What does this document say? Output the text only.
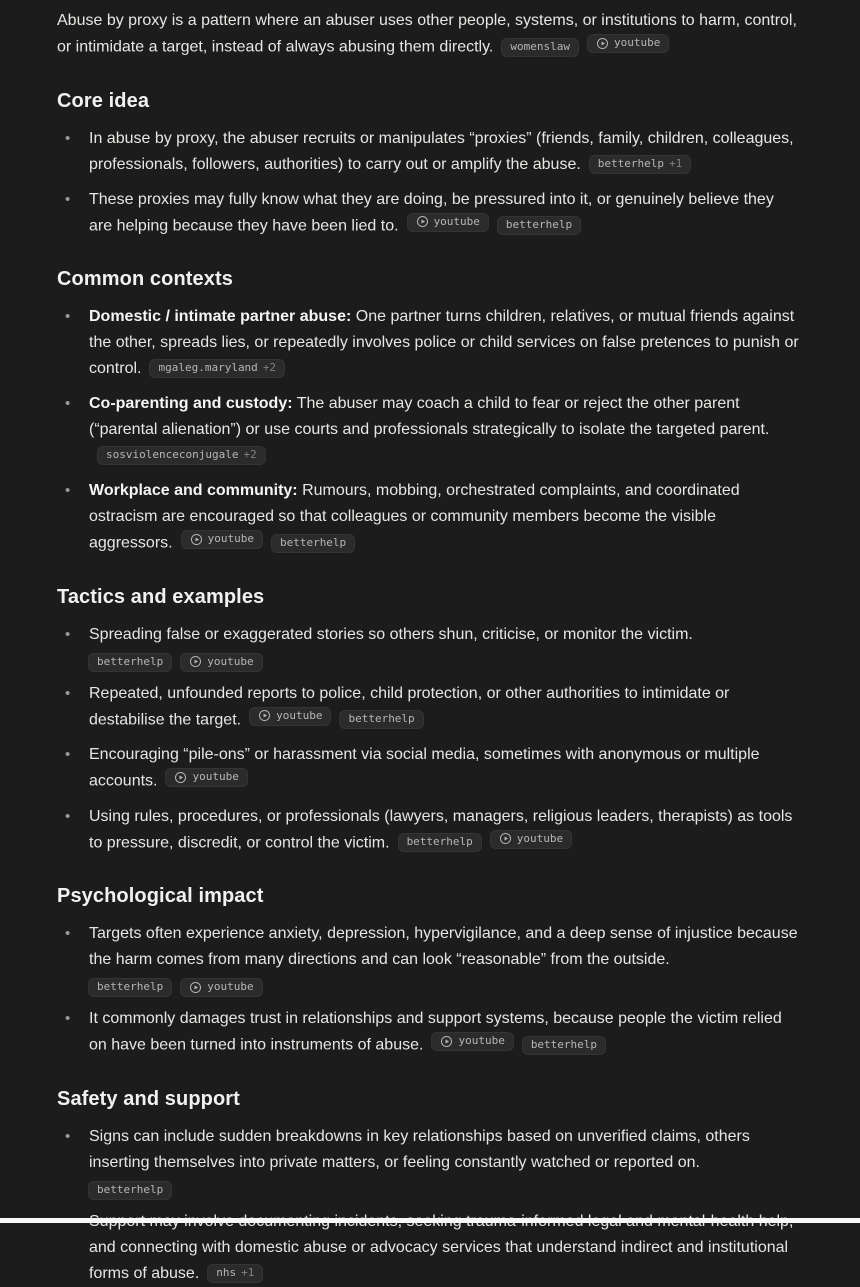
Abuse by proxy is a pattern where an abuser uses other people, systems, or institutions to harm, control, or intimidate a target, instead of always abusing them directly. womenslaw	youtube

Core idea
• In abuse by proxy, the abuser recruits or manipulates “proxies” (friends, family, children, colleagues, professionals, followers, authorities) to carry out or amplify the abuse. betterhelp +1

• These proxies may fully know what they are doing, be pressured into it, or genuinely believe they are helping because they have been lied to.	youtube betterhelp

Common contexts
• Domestic / intimate partner abuse: One partner turns children, relatives, or mutual friends against the other, spreads lies, or repeatedly involves police or child services on false pretences to punish or control. mgaleg.maryland +2

• Co-parenting and custody: The abuser may coach a child to fear or reject the other parent (“parental alienation”) or use courts and professionals strategically to isolate the targeted parent.
sosviolenceconjugale +2

• Workplace and community: Rumours, mobbing, orchestrated complaints, and coordinated ostracism are encouraged so that colleagues or community members become the visible aggressors.	youtube betterhelp

Tactics and examples
• Spreading false or exaggerated stories so others shun, criticise, or monitor the victim.

betterhelp	youtube
• Repeated, unfounded reports to police, child protection, or other authorities to intimidate or destabilise the target.	youtube betterhelp

• Encouraging “pile-ons” or harassment via social media, sometimes with anonymous or multiple accounts.	youtube

• Using rules, procedures, or professionals (lawyers, managers, religious leaders, therapists) as tools to pressure, discredit, or control the victim. betterhelp	youtube

Psychological impact
• Targets often experience anxiety, depression, hypervigilance, and a deep sense of injustice because the harm comes from many directions and can look “reasonable” from the outside.

betterhelp	youtube
• It commonly damages trust in relationships and support systems, because people the victim relied on have been turned into instruments of abuse.	youtube betterhelp

Safety and support
• Signs can include sudden breakdowns in key relationships based on unverified claims, others inserting themselves into private matters, or feeling constantly watched or reported on.

betterhelp

and connecting with domestic abuse or advocacy services that understand indirect and institutional forms of abuse. nhs +1
